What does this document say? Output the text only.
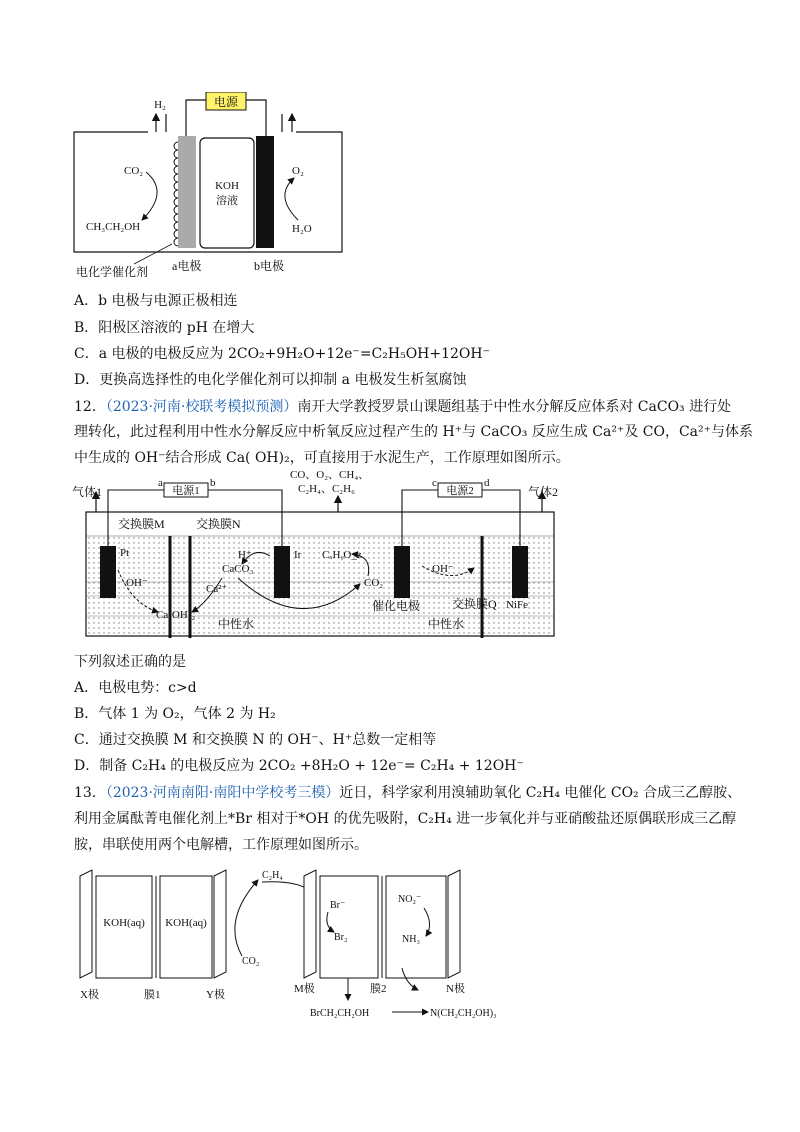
H₂	电源
KOH
溶液
CO₂
CH₃CH₂OH
O₂
H₂O
电化学催化剂 a电极	b电极
A．b 电极与电源正极相连
B．阳极区溶液的 pH 在增大
C．a 电极的电极反应为 2CO₂+9H₂O+12e⁻=C₂H₅OH+12OH⁻
D．更换高选择性的电化学催化剂可以抑制 a 电极发生析氢腐蚀
12．（2023·河南·校联考模拟预测）南开大学教授罗景山课题组基于中性水分解反应体系对 CaCO₃ 进行处
理转化，此过程利用中性水分解反应中析氧反应过程产生的 H⁺与 CaCO₃ 反应生成 Ca²⁺及 CO，Ca²⁺与体系
中生成的 OH⁻结合形成 Ca( OH)₂，可直接用于水泥生产，工作原理如图所示。
气体1	气体2
CO、O₂、CH₄、
C₂H₄、C₂H₆
电源1
a	b
电源2
c	d
交换膜M	交换膜N
Pt
OH⁻
Ca(OH)₂
H⁺
CaCO₃
Ca²⁺
Ir CₓHᵧO_z
CO₂
OH⁻
催化电极	交换膜Q NiFe
中性水	中性水
下列叙述正确的是
A．电极电势：c>d
B．气体 1 为 O₂，气体 2 为 H₂
C．通过交换膜 M 和交换膜 N 的 OH⁻、H⁺总数一定相等
D．制备 C₂H₄ 的电极反应为 2CO₂ +8H₂O + 12e⁻= C₂H₄ + 12OH⁻
13．（2023·河南南阳·南阳中学校考三模）近日，科学家利用溴辅助氧化 C₂H₄ 电催化 CO₂ 合成三乙醇胺、
利用金属酞菁电催化剂上*Br 相对于*OH 的优先吸附，C₂H₄ 进一步氧化并与亚硝酸盐还原偶联形成三乙醇
胺，串联使用两个电解槽，工作原理如图所示。
KOH(aq) KOH(aq)
C₂H₄
CO₂
X极	膜1	Y极
Br⁻
Br₂
NO₂⁻
NH₃
M极	膜2	N极
BrCH₂CH₂OH	N(CH₂CH₂OH)₃
